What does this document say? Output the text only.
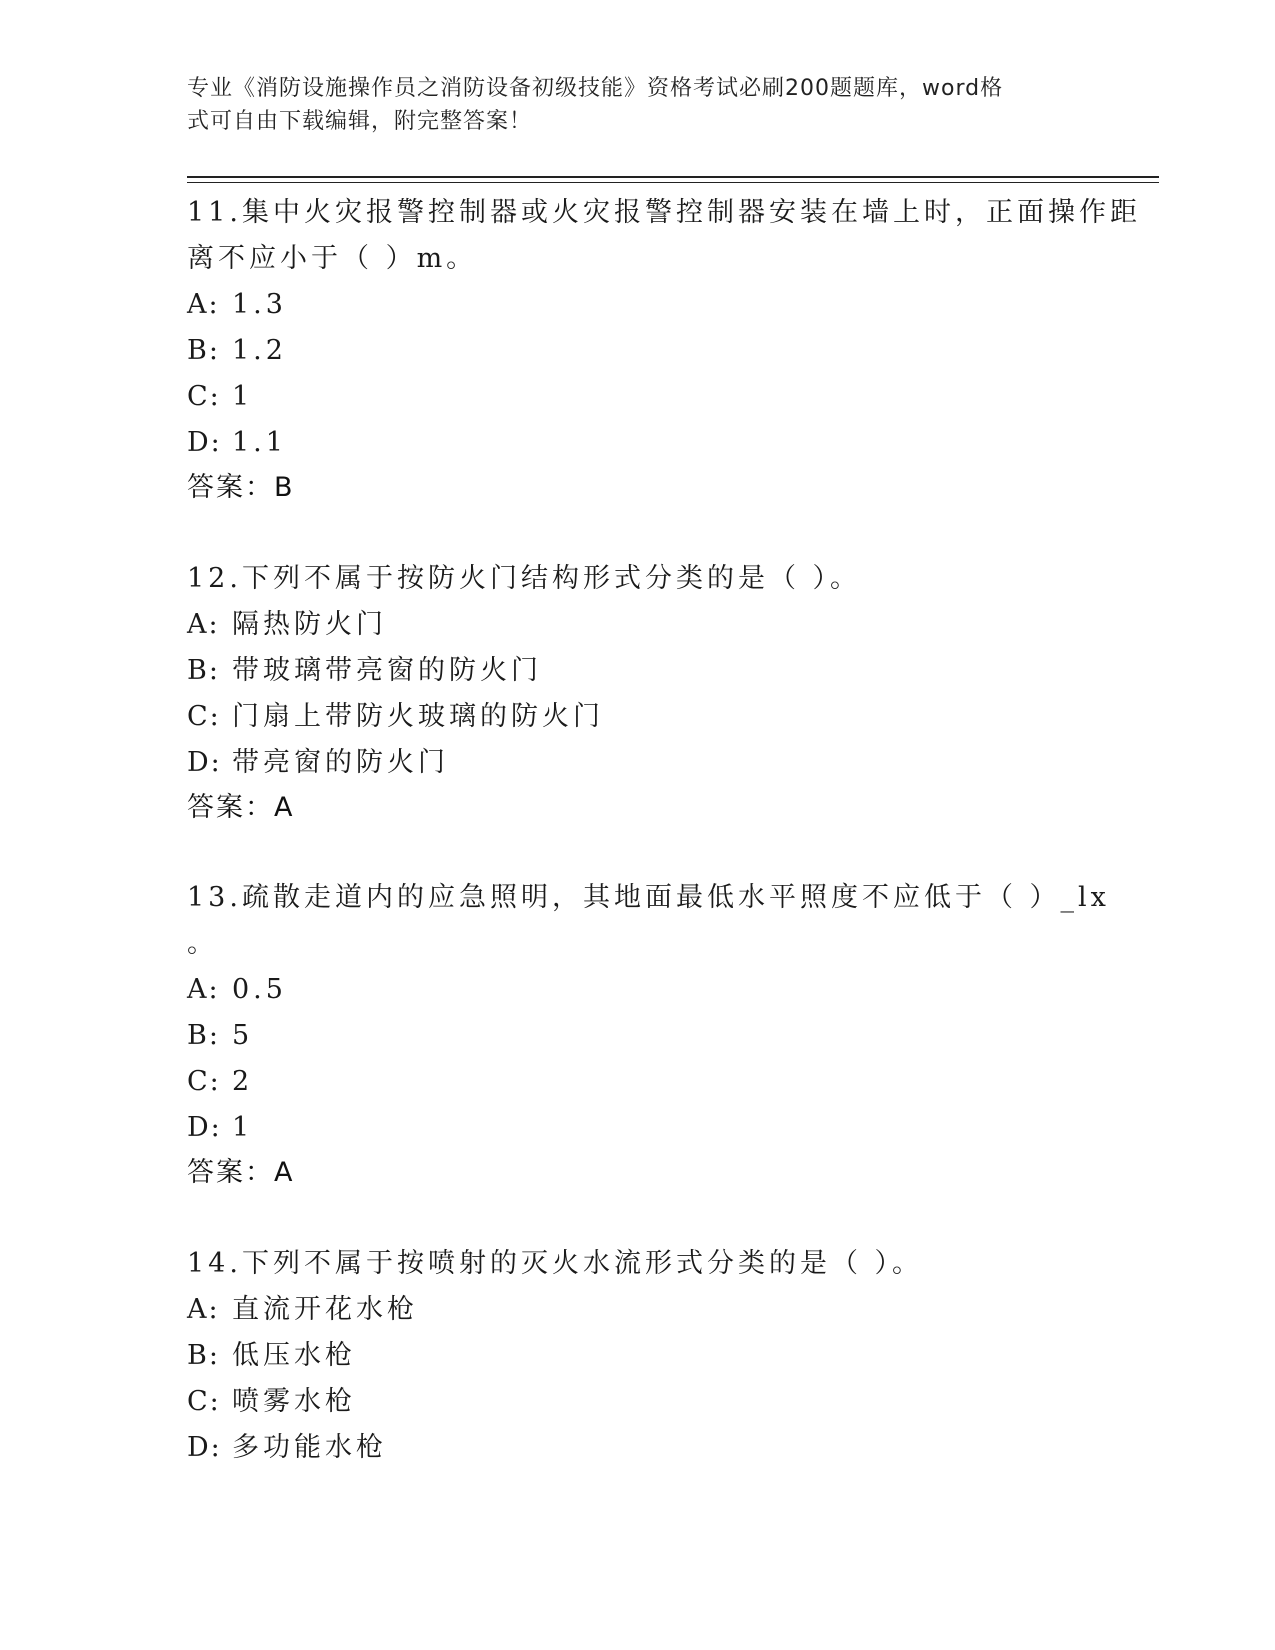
专业《消防设施操作员之消防设备初级技能》资格考试必刷200题题库，word格
式可自由下载编辑，附完整答案！
11.集中火灾报警控制器或火灾报警控制器安装在墙上时，正面操作距
离不应小于（ ）m。
A: 1.3
B: 1.2
C: 1
D: 1.1
答案：B
12.下列不属于按防火门结构形式分类的是（ ）。
A: 隔热防火门
B: 带玻璃带亮窗的防火门
C: 门扇上带防火玻璃的防火门
D: 带亮窗的防火门
答案：A
13.疏散走道内的应急照明，其地面最低水平照度不应低于（ ）_lx
。
A: 0.5
B: 5
C: 2
D: 1
答案：A
14.下列不属于按喷射的灭火水流形式分类的是（ ）。
A: 直流开花水枪
B: 低压水枪
C: 喷雾水枪
D: 多功能水枪
